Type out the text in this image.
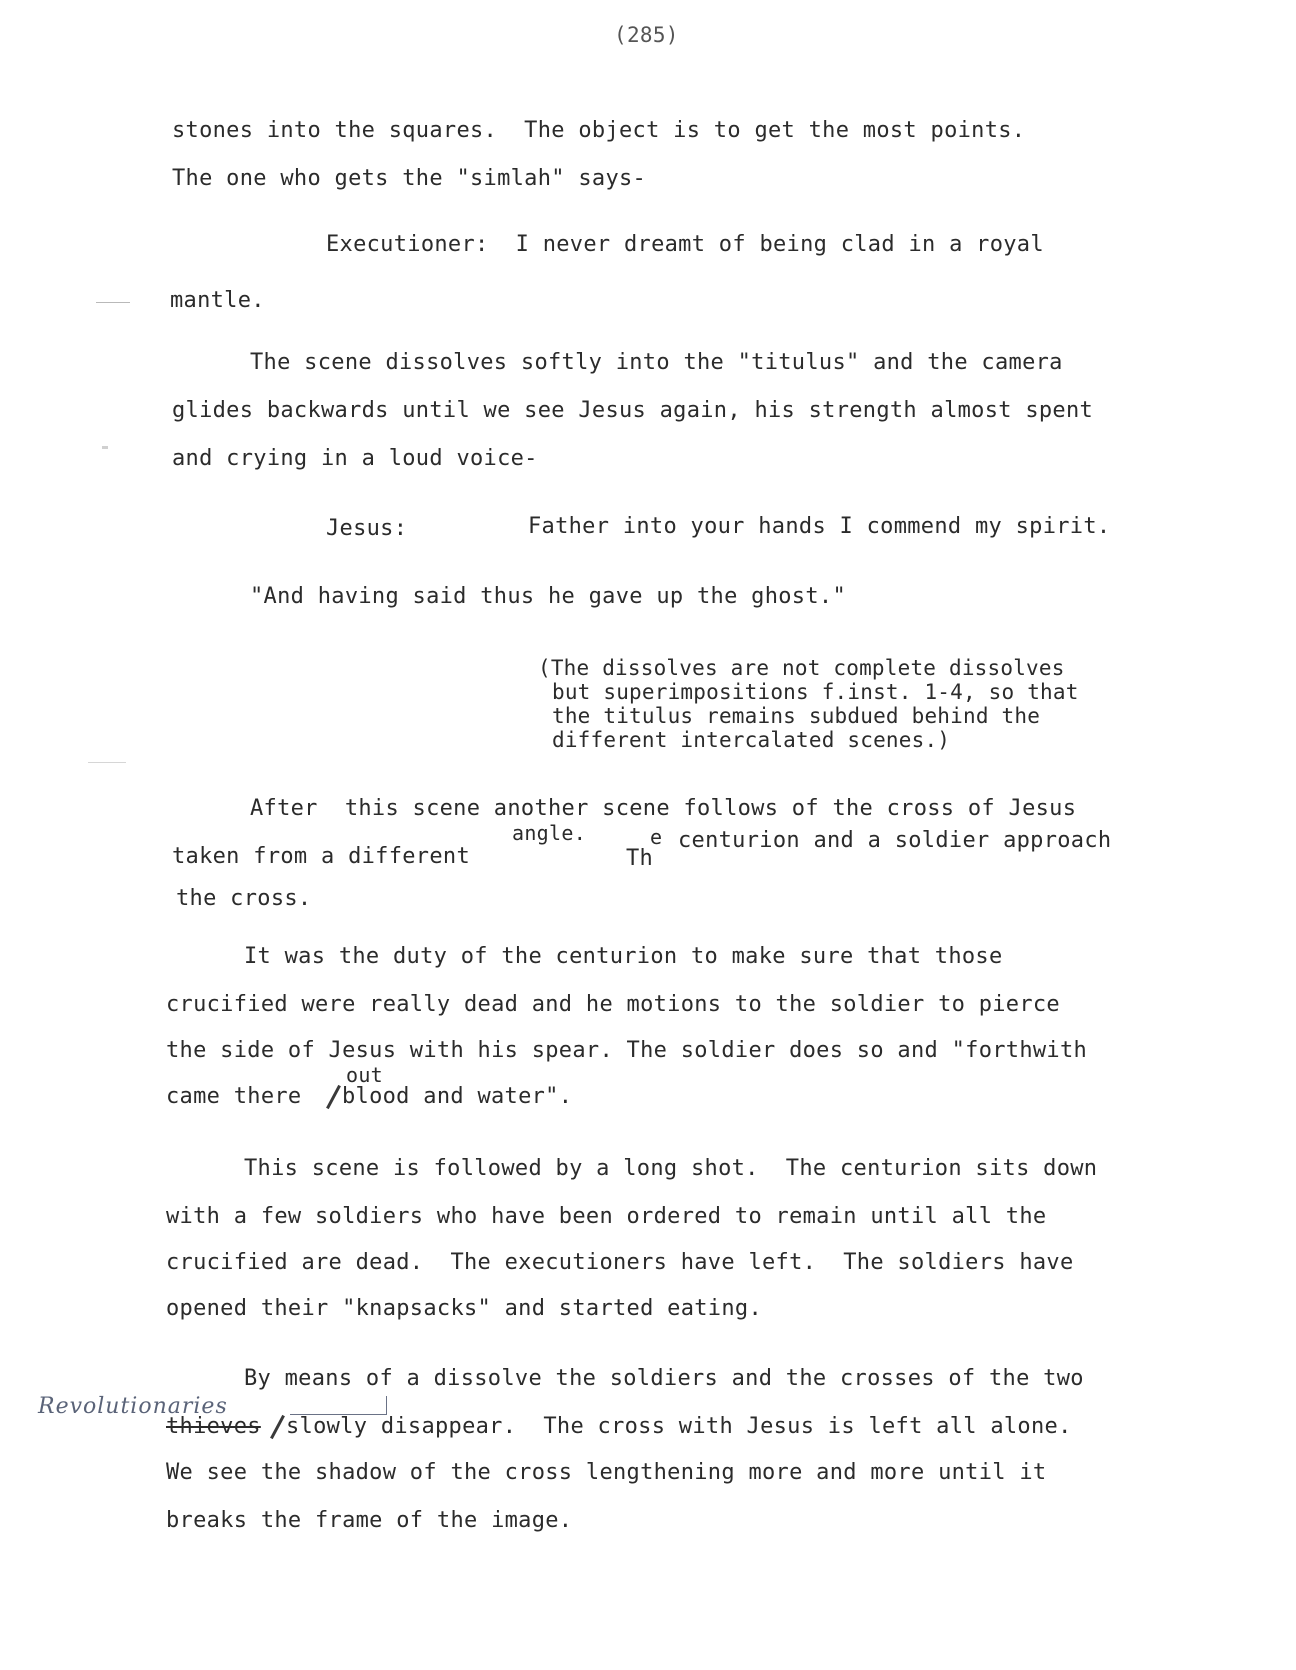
(285)
stones into the squares.  The object is to get the most points.
The one who gets the "simlah" says-
Executioner:  I never dreamt of being clad in a royal
mantle.
The scene dissolves softly into the "titulus" and the camera
glides backwards until we see Jesus again, his strength almost spent
and crying in a loud voice-
Jesus:	Father into your hands I commend my spirit.
"And having said thus he gave up the ghost."
(The dissolves are not complete dissolves
but superimpositions f.inst. 1-4, so that
the titulus remains subdued behind the
different intercalated scenes.)
After  this scene another scene follows of the cross of Jesus
taken from a different
angle.
Th
e centurion and a soldier approach
the cross.
It was the duty of the centurion to make sure that those
crucified were really dead and he motions to the soldier to pierce
the side of Jesus with his spear. The soldier does so and "forthwith
out
came there blood and water".
This scene is followed by a long shot.  The centurion sits down
with a few soldiers who have been ordered to remain until all the
crucified are dead.  The executioners have left.  The soldiers have
opened their "knapsacks" and started eating.
By means of a dissolve the soldiers and the crosses of the two
Revolutionaries
thieves slowly disappear.  The cross with Jesus is left all alone.
We see the shadow of the cross lengthening more and more until it
breaks the frame of the image.
